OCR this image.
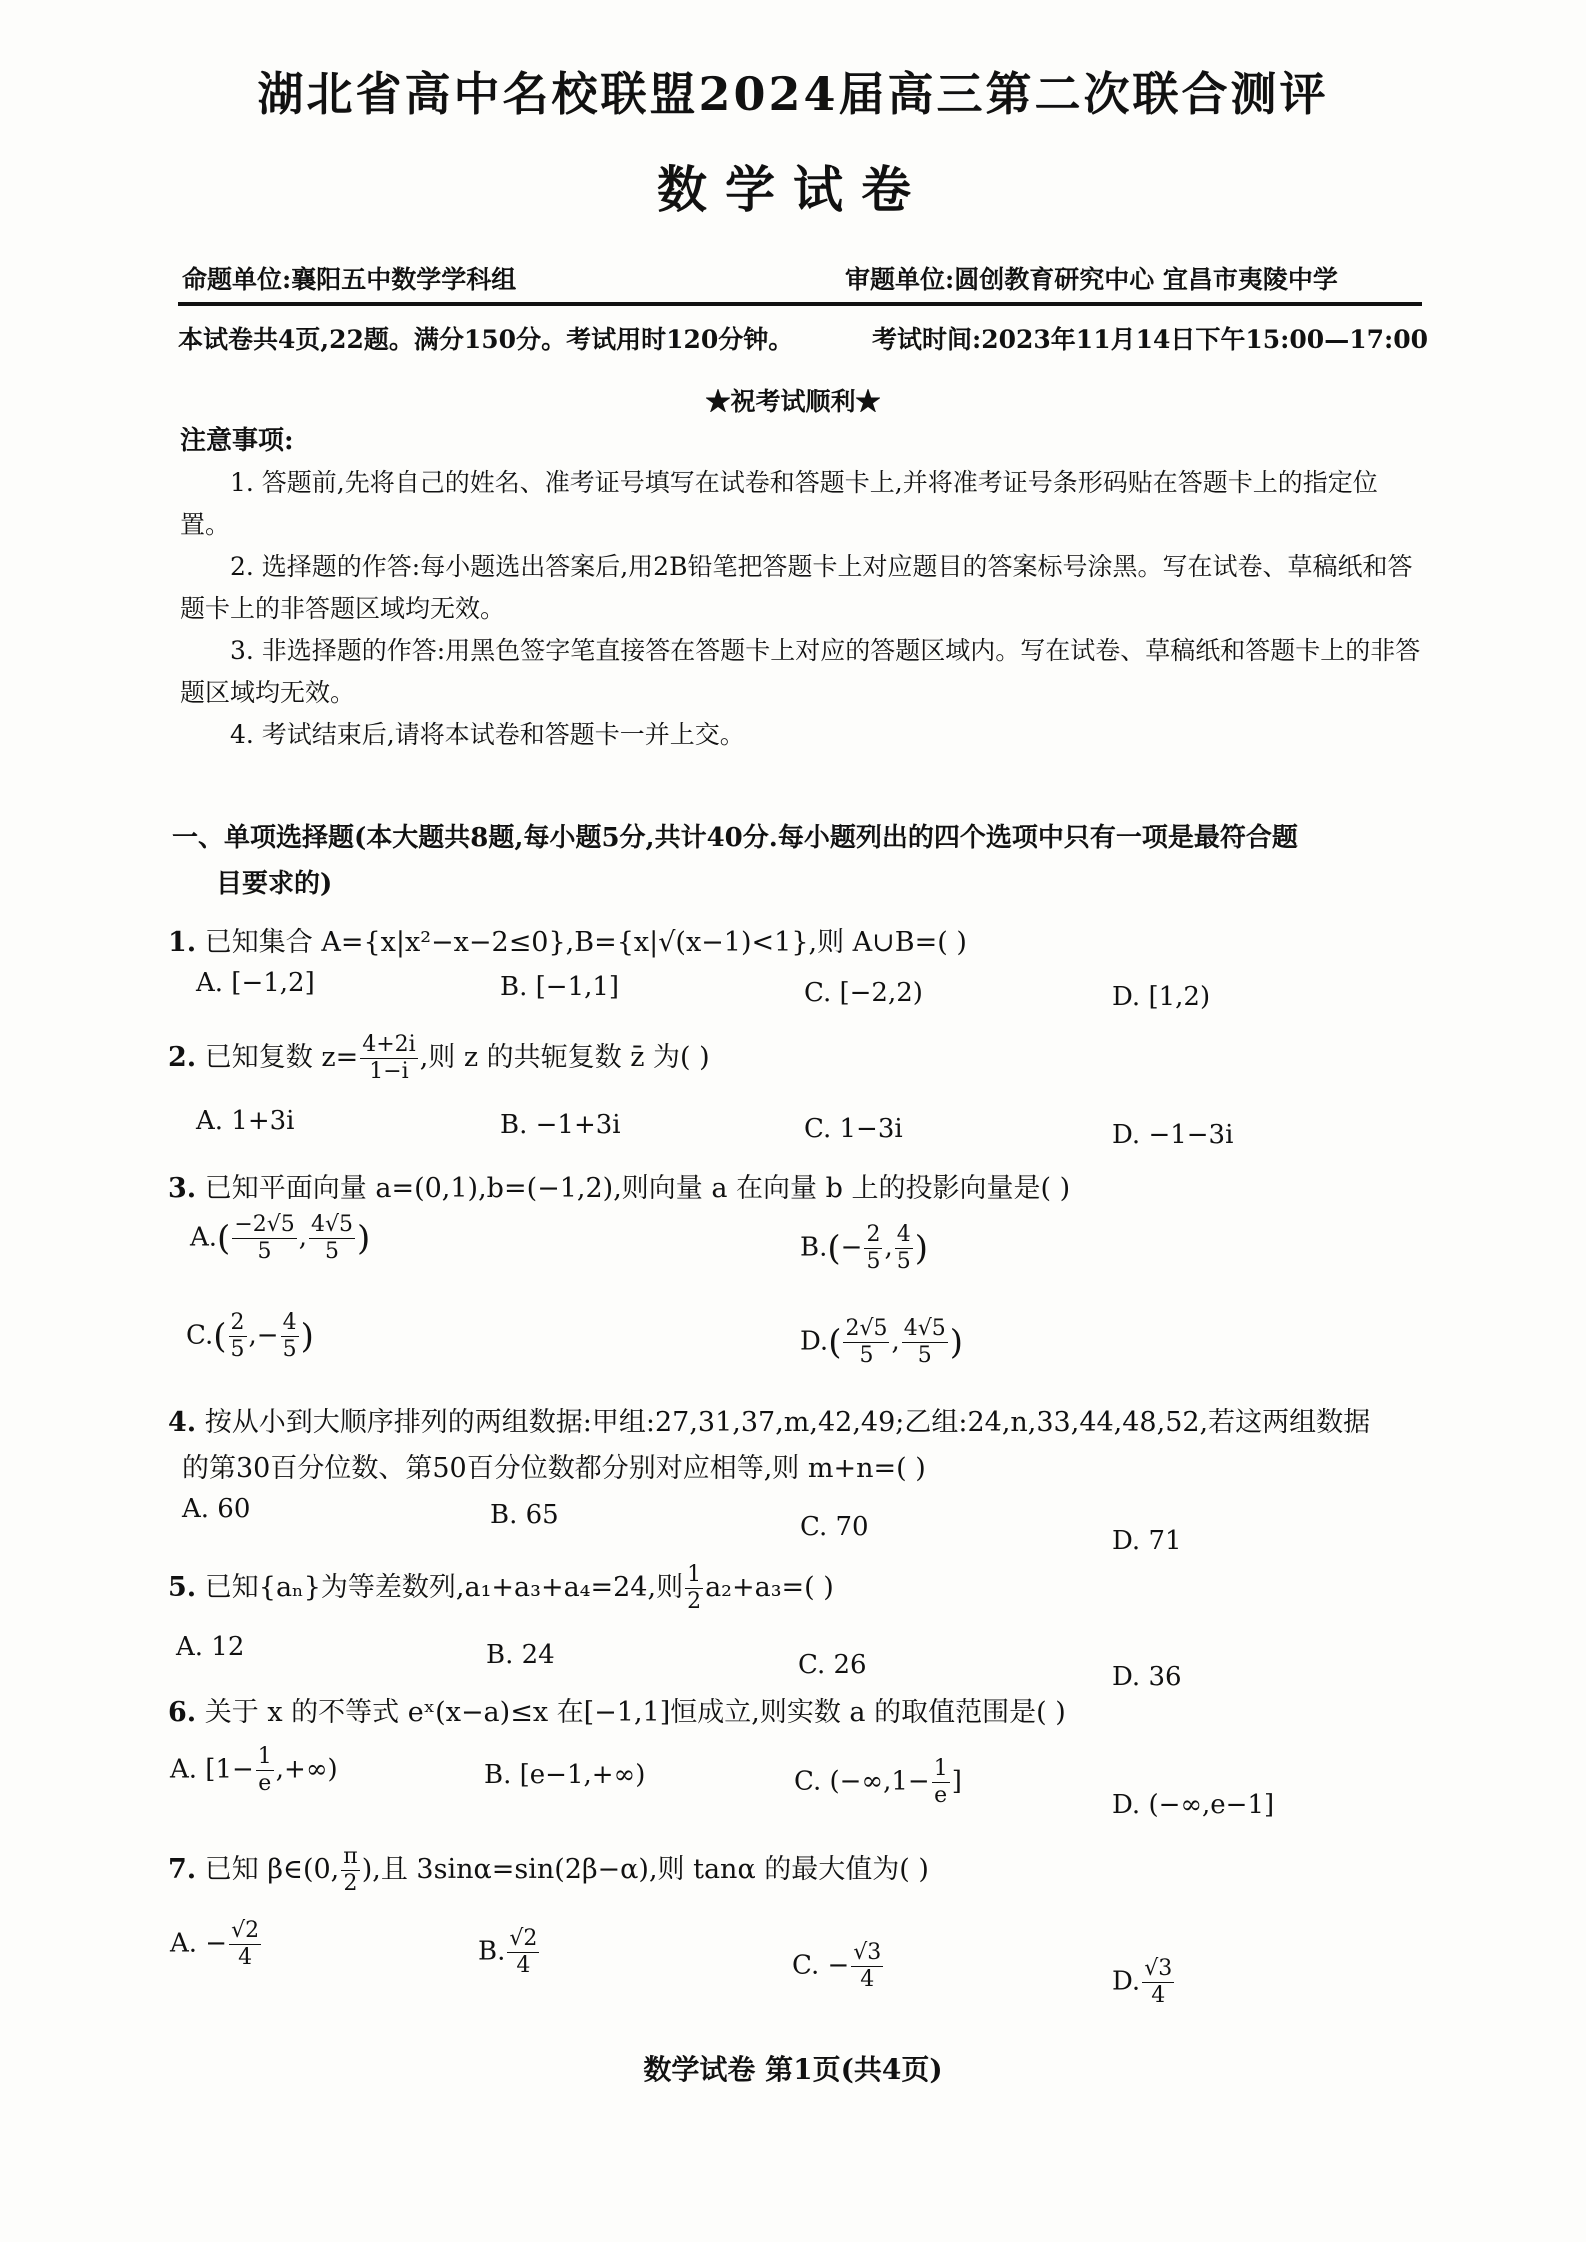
湖北省高中名校联盟2024届高三第二次联合测评
数学试卷
命题单位:襄阳五中数学学科组	审题单位:圆创教育研究中心 宜昌市夷陵中学
本试卷共4页,22题。满分150分。考试用时120分钟。	考试时间:2023年11月14日下午15:00—17:00
★祝考试顺利★
注意事项:

1. 答题前,先将自己的姓名、准考证号填写在试卷和答题卡上,并将准考证号条形码贴在答题卡上的指定位置。

2. 选择题的作答:每小题选出答案后,用2B铅笔把答题卡上对应题目的答案标号涂黑。写在试卷、草稿纸和答题卡上的非答题区域均无效。

3. 非选择题的作答:用黑色签字笔直接答在答题卡上对应的答题区域内。写在试卷、草稿纸和答题卡上的非答题区域均无效。

4. 考试结束后,请将本试卷和答题卡一并上交。

一、单项选择题(本大题共8题,每小题5分,共计40分.每小题列出的四个选项中只有一项是最符合题
目要求的)
1. 已知集合 A={x|x²−x−2≤0},B={x|√(x−1)<1},则 A∪B=( )
A. [−1,2]	B. [−1,1]	C. [−2,2)	D. [1,2)
2. 已知复数 $z= \frac{4+2i}{1-i}$ ,则 z 的共轭复数 z̄ 为( )
A. 1+3i	B. −1+3i	C. 1−3i	D. −1−3i
3. 已知平面向量 a=(0,1),b=(−1,2),则向量 a 在向量 b 上的投影向量是( )
$A.( \frac{-2√5}{5}$ , $\frac{4√5}{5}$ )	$B.(- \frac{2}{5}$ , $\frac{4}{5}$ )
$C.( \frac{2}{5}$ ,− $\frac{4}{5}$ )	$D.( \frac{2√5}{5}$ , $\frac{4√5}{5}$ )
4. 按从小到大顺序排列的两组数据:甲组:27,31,37,m,42,49;乙组:24,n,33,44,48,52,若这两组数据
的第30百分位数、第50百分位数都分别对应相等,则 m+n=( )
A. 60	B. 65	C. 70	D. 71
5. 已知{aₙ}为等差数列,a₁+a₃+a₄=24,则 $\frac{1}{2} a_2+a_3=$( )
A. 12	B. 24	C. 26	D. 36
6. 关于 x 的不等式 eˣ(x−a)≤x 在[−1,1]恒成立,则实数 a 的取值范围是( )
A. [$1- \frac{1}{e}$ ,+∞)	B. [e−1,+∞)	C. ($-\infty,1- \frac{1}{e}$ ]
D. (−∞,e−1]
7. 已知 β∈(0, $\frac{\pi}{2}$ ),且 3sinα=sin(2β−α),则 tanα 的最大值为( )
A. − $\frac{√2}{4}$	B. $\frac{√2}{4}$	C. − $\frac{√3}{4}$	D. $\frac{√3}{4}$
数学试卷 第1页(共4页)
